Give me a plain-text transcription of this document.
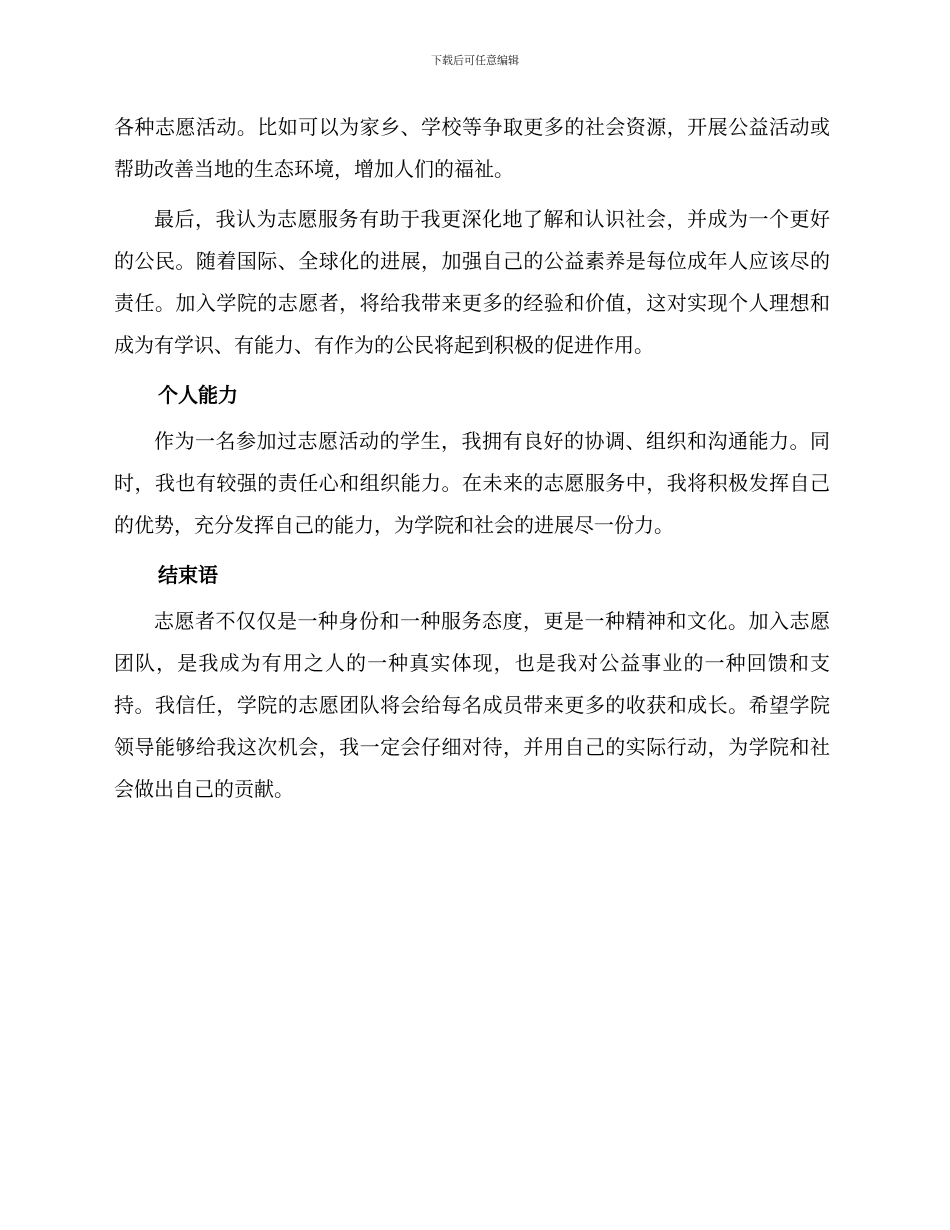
下载后可任意编辑

各种志愿活动。比如可以为家乡、学校等争取更多的社会资源，开展公益活动或帮助改善当地的生态环境，增加人们的福祉。

最后，我认为志愿服务有助于我更深化地了解和认识社会，并成为一个更好的公民。随着国际、全球化的进展，加强自己的公益素养是每位成年人应该尽的责任。加入学院的志愿者，将给我带来更多的经验和价值，这对实现个人理想和成为有学识、有能力、有作为的公民将起到积极的促进作用。

个人能力

作为一名参加过志愿活动的学生，我拥有良好的协调、组织和沟通能力。同时，我也有较强的责任心和组织能力。在未来的志愿服务中，我将积极发挥自己的优势，充分发挥自己的能力，为学院和社会的进展尽一份力。

结束语

志愿者不仅仅是一种身份和一种服务态度，更是一种精神和文化。加入志愿团队，是我成为有用之人的一种真实体现，也是我对公益事业的一种回馈和支持。我信任，学院的志愿团队将会给每名成员带来更多的收获和成长。希望学院领导能够给我这次机会，我一定会仔细对待，并用自己的实际行动，为学院和社会做出自己的贡献。
